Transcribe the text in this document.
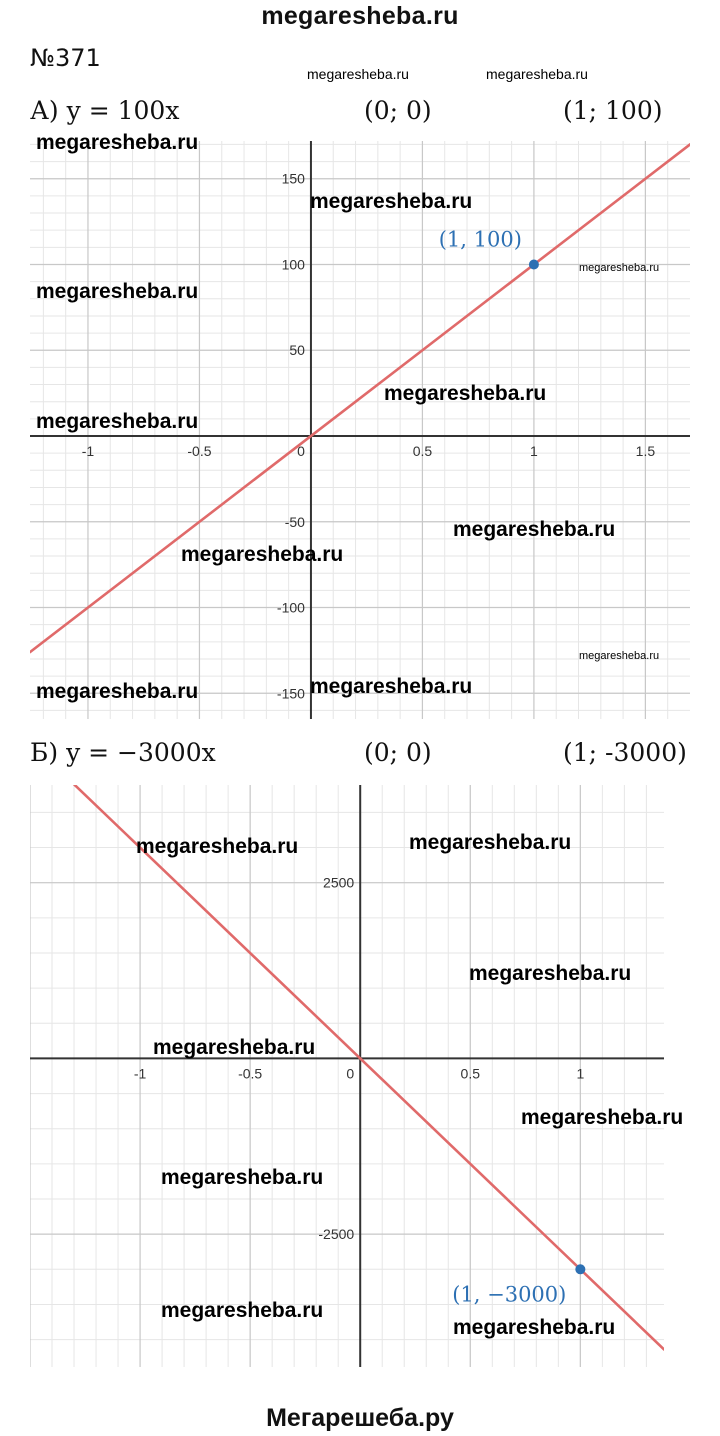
megaresheba.ru
№371
А) y = 100x	(0; 0)	(1; 100)
-1	-0.5	0	0.5	1	1.5
150
100
50
-50
-100
-150
(1, 100)
Б) y = −3000x	(0; 0)	(1; -3000)
-1	-0.5	0	0.5	1
2500
-2500
(1, −3000)
megaresheba.ru	megaresheba.ru
megaresheba.ru
megaresheba.ru
megaresheba.ru
megaresheba.ru
megaresheba.ru
megaresheba.ru
megaresheba.ru
megaresheba.ru
megaresheba.ru
megaresheba.ru
megaresheba.ru
megaresheba.ru
megaresheba.ru
megaresheba.ru
megaresheba.ru
megaresheba.ru
megaresheba.ru
megaresheba.ru
megaresheba.ru
Мегарешеба.ру
